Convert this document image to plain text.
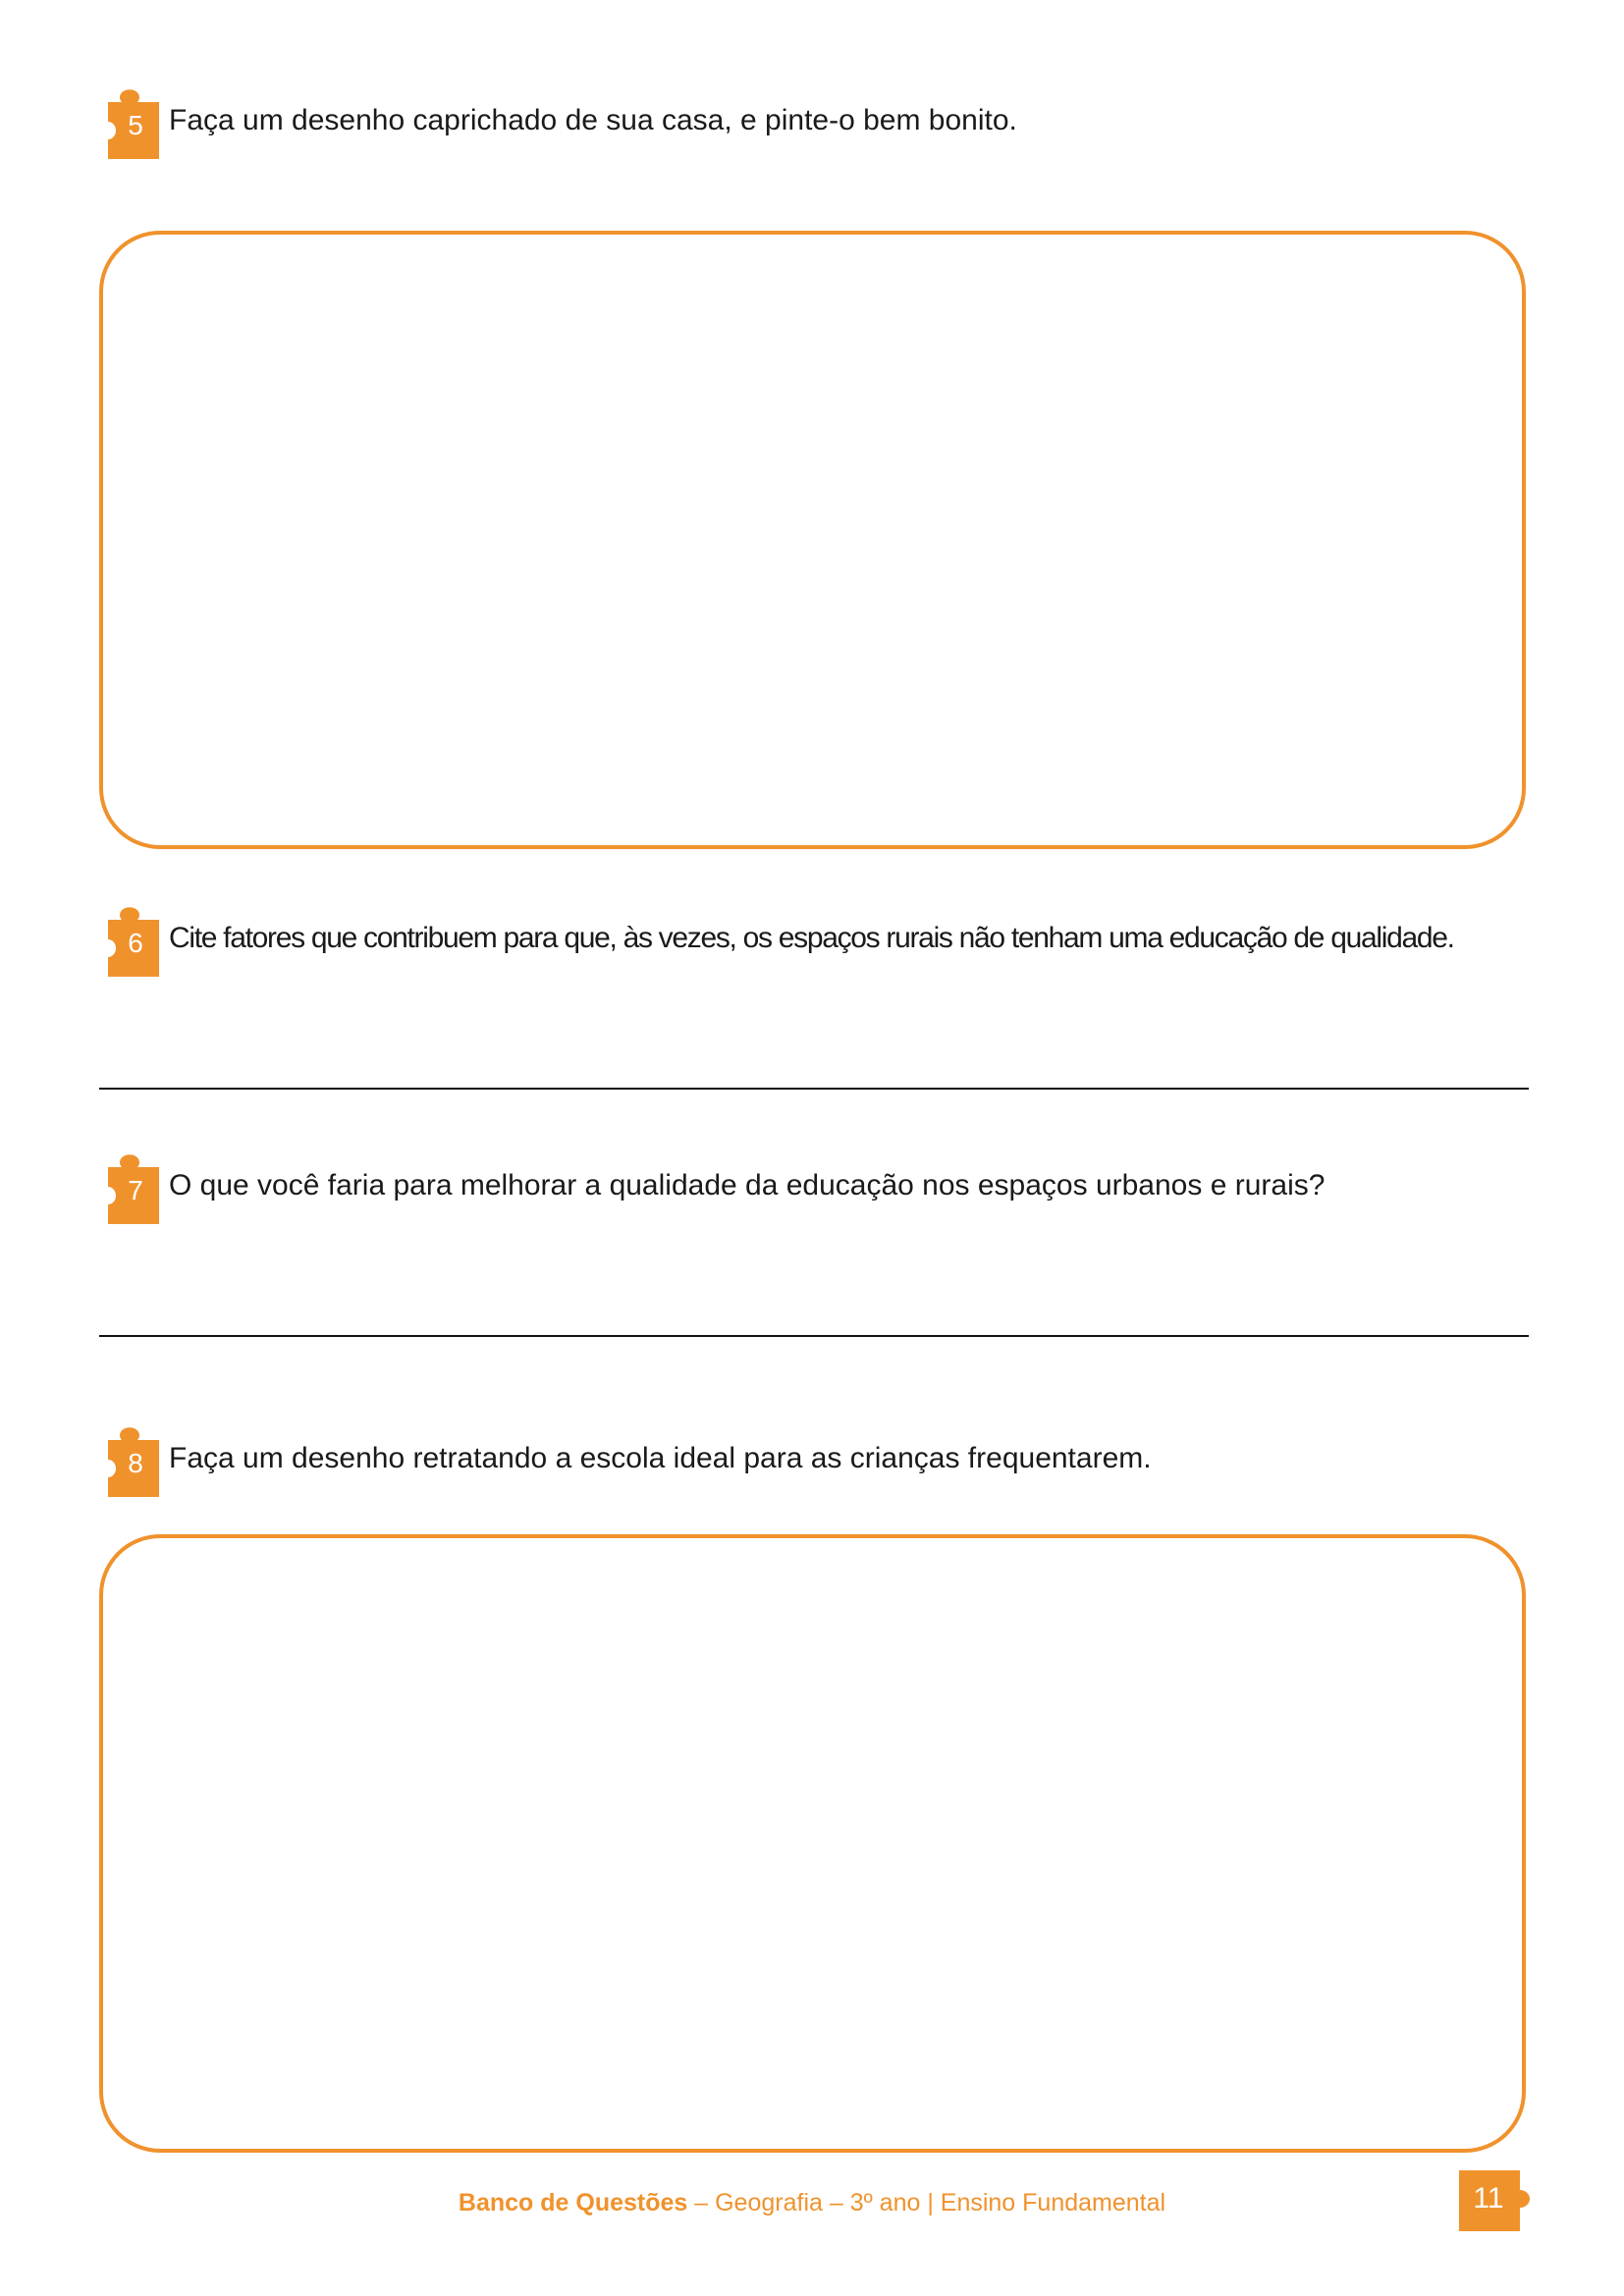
5 Faça um desenho caprichado de sua casa, e pinte-o bem bonito.
6 Cite fatores que contribuem para que, às vezes, os espaços rurais não tenham uma educação de qualidade.
7 O que você faria para melhorar a qualidade da educação nos espaços urbanos e rurais?
8 Faça um desenho retratando a escola ideal para as crianças frequentarem.
Banco de Questões – Geografia – 3º ano | Ensino Fundamental	11
